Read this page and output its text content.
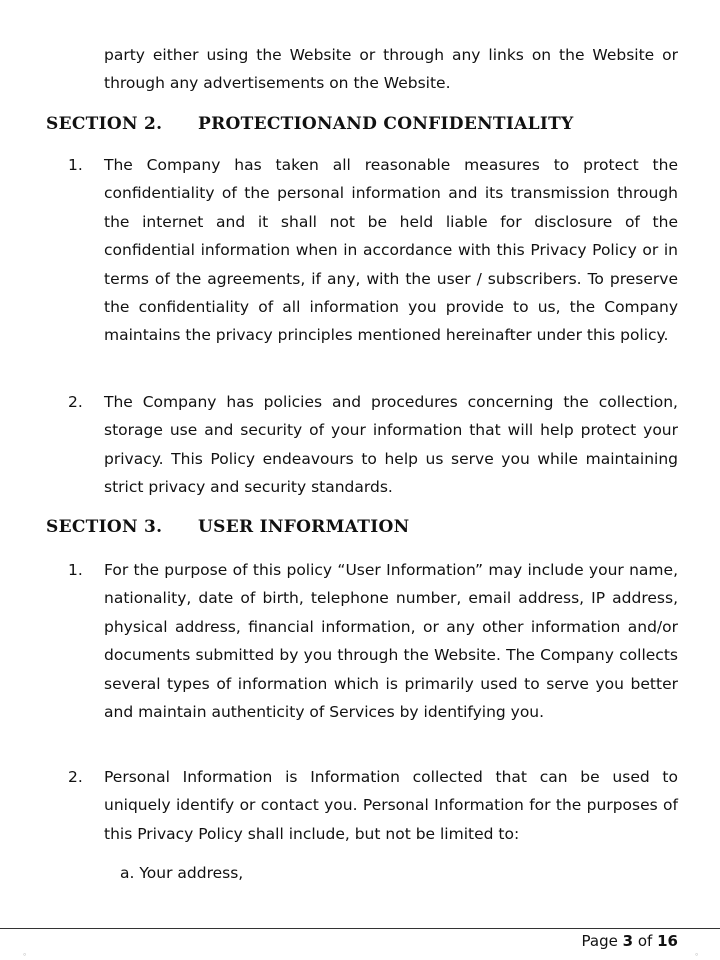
party either using the Website or through any links on the Website or through any advertisements on the Website.

SECTION 2. PROTECTIONAND CONFIDENTIALITY
1. The Company has taken all reasonable measures to protect the confidentiality of the personal information and its transmission through the internet and it shall not be held liable for disclosure of the confidential information when in accordance with this Privacy Policy or in terms of the agreements, if any, with the user / subscribers. To preserve the confidentiality of all information you provide to us, the Company maintains the privacy principles mentioned hereinafter under this policy.
2. The Company has policies and procedures concerning the collection, storage use and security of your information that will help protect your privacy. This Policy endeavours to help us serve you while maintaining strict privacy and security standards.
SECTION 3. USER INFORMATION
1. For the purpose of this policy “User Information” may include your name, nationality, date of birth, telephone number, email address, IP address, physical address, financial information, or any other information and/or documents submitted by you through the Website. The Company collects several types of information which is primarily used to serve you better and maintain authenticity of Services by identifying you.
2. Personal Information is Information collected that can be used to uniquely identify or contact you. Personal Information for the purposes of this Privacy Policy shall include, but not be limited to:
a. Your address,
Page 3 of 16
∘	∘
